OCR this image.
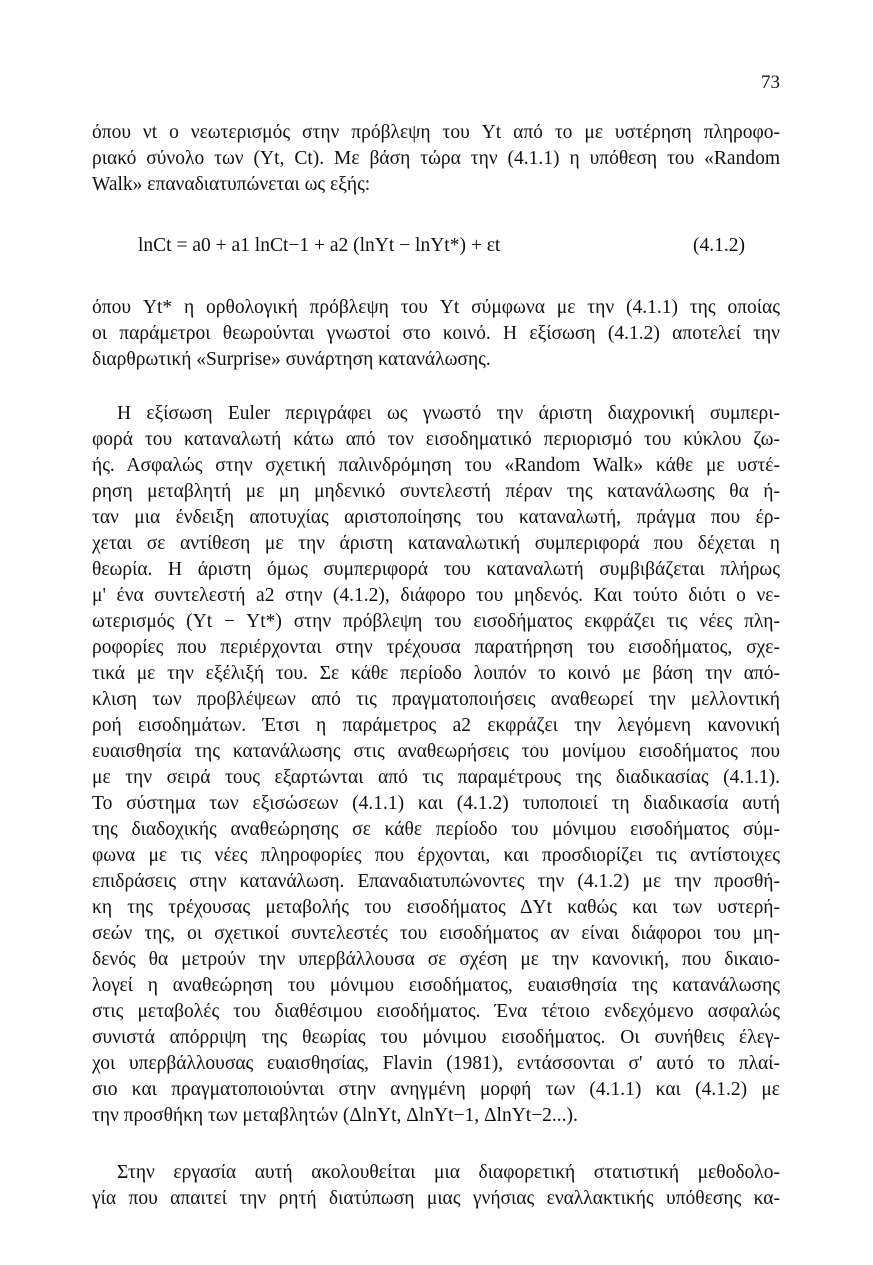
73
όπου νt ο νεωτερισμός στην πρόβλεψη του Yt από το με υστέρηση πληροφο-
ριακό σύνολο των (Yt, Ct). Με βάση τώρα την (4.1.1) η υπόθεση του «Random
Walk» επαναδιατυπώνεται ως εξής:
lnCt = a0 + a1 lnCt−1 + a2 (lnYt − lnYt*) + εt	(4.1.2)
όπου Yt* η ορθολογική πρόβλεψη του Yt σύμφωνα με την (4.1.1) της οποίας
οι παράμετροι θεωρούνται γνωστοί στο κοινό. Η εξίσωση (4.1.2) αποτελεί την
διαρθρωτική «Surprise» συνάρτηση κατανάλωσης.
Η εξίσωση Euler περιγράφει ως γνωστό την άριστη διαχρονική συμπερι-
φορά του καταναλωτή κάτω από τον εισοδηματικό περιορισμό του κύκλου ζω-
ής. Ασφαλώς στην σχετική παλινδρόμηση του «Random Walk» κάθε με υστέ-
ρηση μεταβλητή με μη μηδενικό συντελεστή πέραν της κατανάλωσης θα ή-
ταν μια ένδειξη αποτυχίας αριστοποίησης του καταναλωτή, πράγμα που έρ-
χεται σε αντίθεση με την άριστη καταναλωτική συμπεριφορά που δέχεται η
θεωρία. Η άριστη όμως συμπεριφορά του καταναλωτή συμβιβάζεται πλήρως
μ' ένα συντελεστή a2 στην (4.1.2), διάφορο του μηδενός. Και τούτο διότι ο νε-
ωτερισμός (Yt − Yt*) στην πρόβλεψη του εισοδήματος εκφράζει τις νέες πλη-
ροφορίες που περιέρχονται στην τρέχουσα παρατήρηση του εισοδήματος, σχε-
τικά με την εξέλιξή του. Σε κάθε περίοδο λοιπόν το κοινό με βάση την από-
κλιση των προβλέψεων από τις πραγματοποιήσεις αναθεωρεί την μελλοντική
ροή εισοδημάτων. Έτσι η παράμετρος a2 εκφράζει την λεγόμενη κανονική
ευαισθησία της κατανάλωσης στις αναθεωρήσεις του μονίμου εισοδήματος που
με την σειρά τους εξαρτώνται από τις παραμέτρους της διαδικασίας (4.1.1).
Το σύστημα των εξισώσεων (4.1.1) και (4.1.2) τυποποιεί τη διαδικασία αυτή
της διαδοχικής αναθεώρησης σε κάθε περίοδο του μόνιμου εισοδήματος σύμ-
φωνα με τις νέες πληροφορίες που έρχονται, και προσδιορίζει τις αντίστοιχες
επιδράσεις στην κατανάλωση. Επαναδιατυπώνοντες την (4.1.2) με την προσθή-
κη της τρέχουσας μεταβολής του εισοδήματος ΔYt καθώς και των υστερή-
σεών της, οι σχετικοί συντελεστές του εισοδήματος αν είναι διάφοροι του μη-
δενός θα μετρούν την υπερβάλλουσα σε σχέση με την κανονική, που δικαιο-
λογεί η αναθεώρηση του μόνιμου εισοδήματος, ευαισθησία της κατανάλωσης
στις μεταβολές του διαθέσιμου εισοδήματος. Ένα τέτοιο ενδεχόμενο ασφαλώς
συνιστά απόρριψη της θεωρίας του μόνιμου εισοδήματος. Οι συνήθεις έλεγ-
χοι υπερβάλλουσας ευαισθησίας, Flavin (1981), εντάσσονται σ' αυτό το πλαί-
σιο και πραγματοποιούνται στην ανηγμένη μορφή των (4.1.1) και (4.1.2) με
την προσθήκη των μεταβλητών (ΔlnYt, ΔlnYt−1, ΔlnYt−2...).
Στην εργασία αυτή ακολουθείται μια διαφορετική στατιστική μεθοδολο-
γία που απαιτεί την ρητή διατύπωση μιας γνήσιας εναλλακτικής υπόθεσης κα-
